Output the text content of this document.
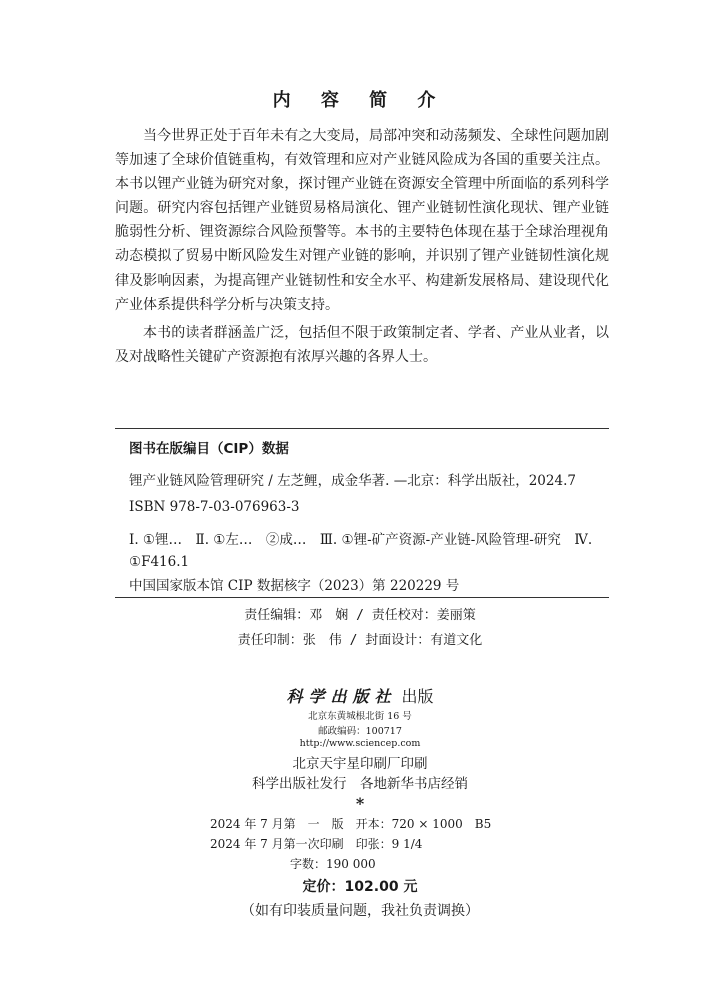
内 容 简 介

当今世界正处于百年未有之大变局，局部冲突和动荡频发、全球性问题加剧等加速了全球价值链重构，有效管理和应对产业链风险成为各国的重要关注点。本书以锂产业链为研究对象，探讨锂产业链在资源安全管理中所面临的系列科学问题。研究内容包括锂产业链贸易格局演化、锂产业链韧性演化现状、锂产业链脆弱性分析、锂资源综合风险预警等。本书的主要特色体现在基于全球治理视角动态模拟了贸易中断风险发生对锂产业链的影响，并识别了锂产业链韧性演化规律及影响因素，为提高锂产业链韧性和安全水平、构建新发展格局、建设现代化产业体系提供科学分析与决策支持。

本书的读者群涵盖广泛，包括但不限于政策制定者、学者、产业从业者，以及对战略性关键矿产资源抱有浓厚兴趣的各界人士。

图书在版编目（CIP）数据
锂产业链风险管理研究 / 左芝鲤，成金华著. —北京：科学出版社，2024.7
ISBN 978-7-03-076963-3
Ⅰ. ①锂…　Ⅱ. ①左…　②成…　Ⅲ. ①锂-矿产资源-产业链-风险管理-研究　Ⅳ. ①F416.1
中国国家版本馆 CIP 数据核字（2023）第 220229 号
责任编辑：邓　娴 / 责任校对：姜丽策
责任印制：张　伟 / 封面设计：有道文化
科学出版社 出版
北京东黄城根北街 16 号
邮政编码：100717
http://www.sciencep.com
北京天宇星印刷厂印刷
科学出版社发行　各地新华书店经销
*
2024 年 7 月第　一　版　开本：720 × 1000　B5
2024 年 7 月第一次印刷　印张：9 1/4
字数：190 000
定价：102.00 元
（如有印装质量问题，我社负责调换）
